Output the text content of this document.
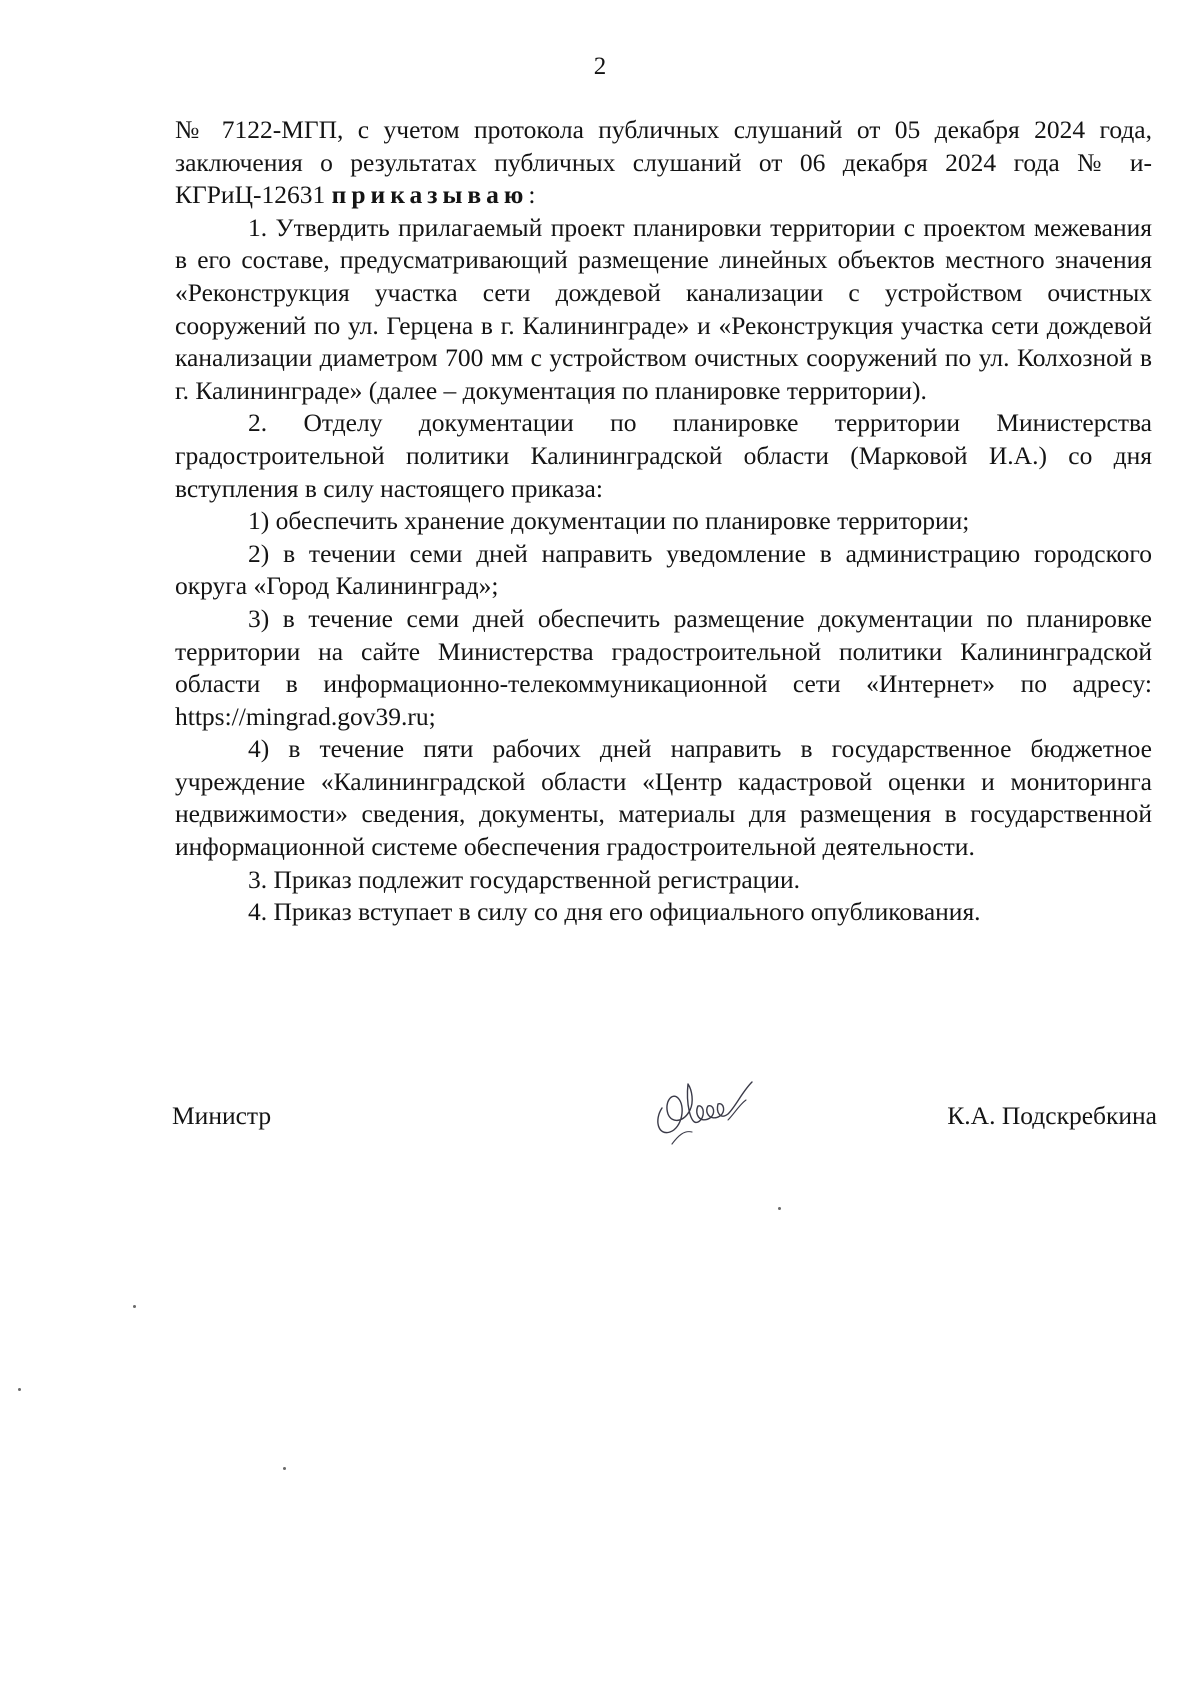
2

№ 7122-МГП, с учетом протокола публичных слушаний от 05 декабря 2024 года, заключения о результатах публичных слушаний от 06 декабря 2024 года № и-КГРиЦ-12631 приказываю:

1. Утвердить прилагаемый проект планировки территории с проектом межевания в его составе, предусматривающий размещение линейных объектов местного значения «Реконструкция участка сети дождевой канализации с устройством очистных сооружений по ул. Герцена в г. Калининграде» и «Реконструкция участка сети дождевой канализации диаметром 700 мм с устройством очистных сооружений по ул. Колхозной в г. Калининграде» (далее – документация по планировке территории).

2. Отделу документации по планировке территории Министерства градостроительной политики Калининградской области (Марковой И.А.) со дня вступления в силу настоящего приказа:

1) обеспечить хранение документации по планировке территории;

2) в течении семи дней направить уведомление в администрацию городского округа «Город Калининград»;

3) в течение семи дней обеспечить размещение документации по планировке территории на сайте Министерства градостроительной политики Калининградской области в информационно-телекоммуникационной сети «Интернет» по адресу: https://mingrad.gov39.ru;

4) в течение пяти рабочих дней направить в государственное бюджетное учреждение «Калининградской области «Центр кадастровой оценки и мониторинга недвижимости» сведения, документы, материалы для размещения в государственной информационной системе обеспечения градостроительной деятельности.

3. Приказ подлежит государственной регистрации.

4. Приказ вступает в силу со дня его официального опубликования.

Министр	К.А. Подскребкина
